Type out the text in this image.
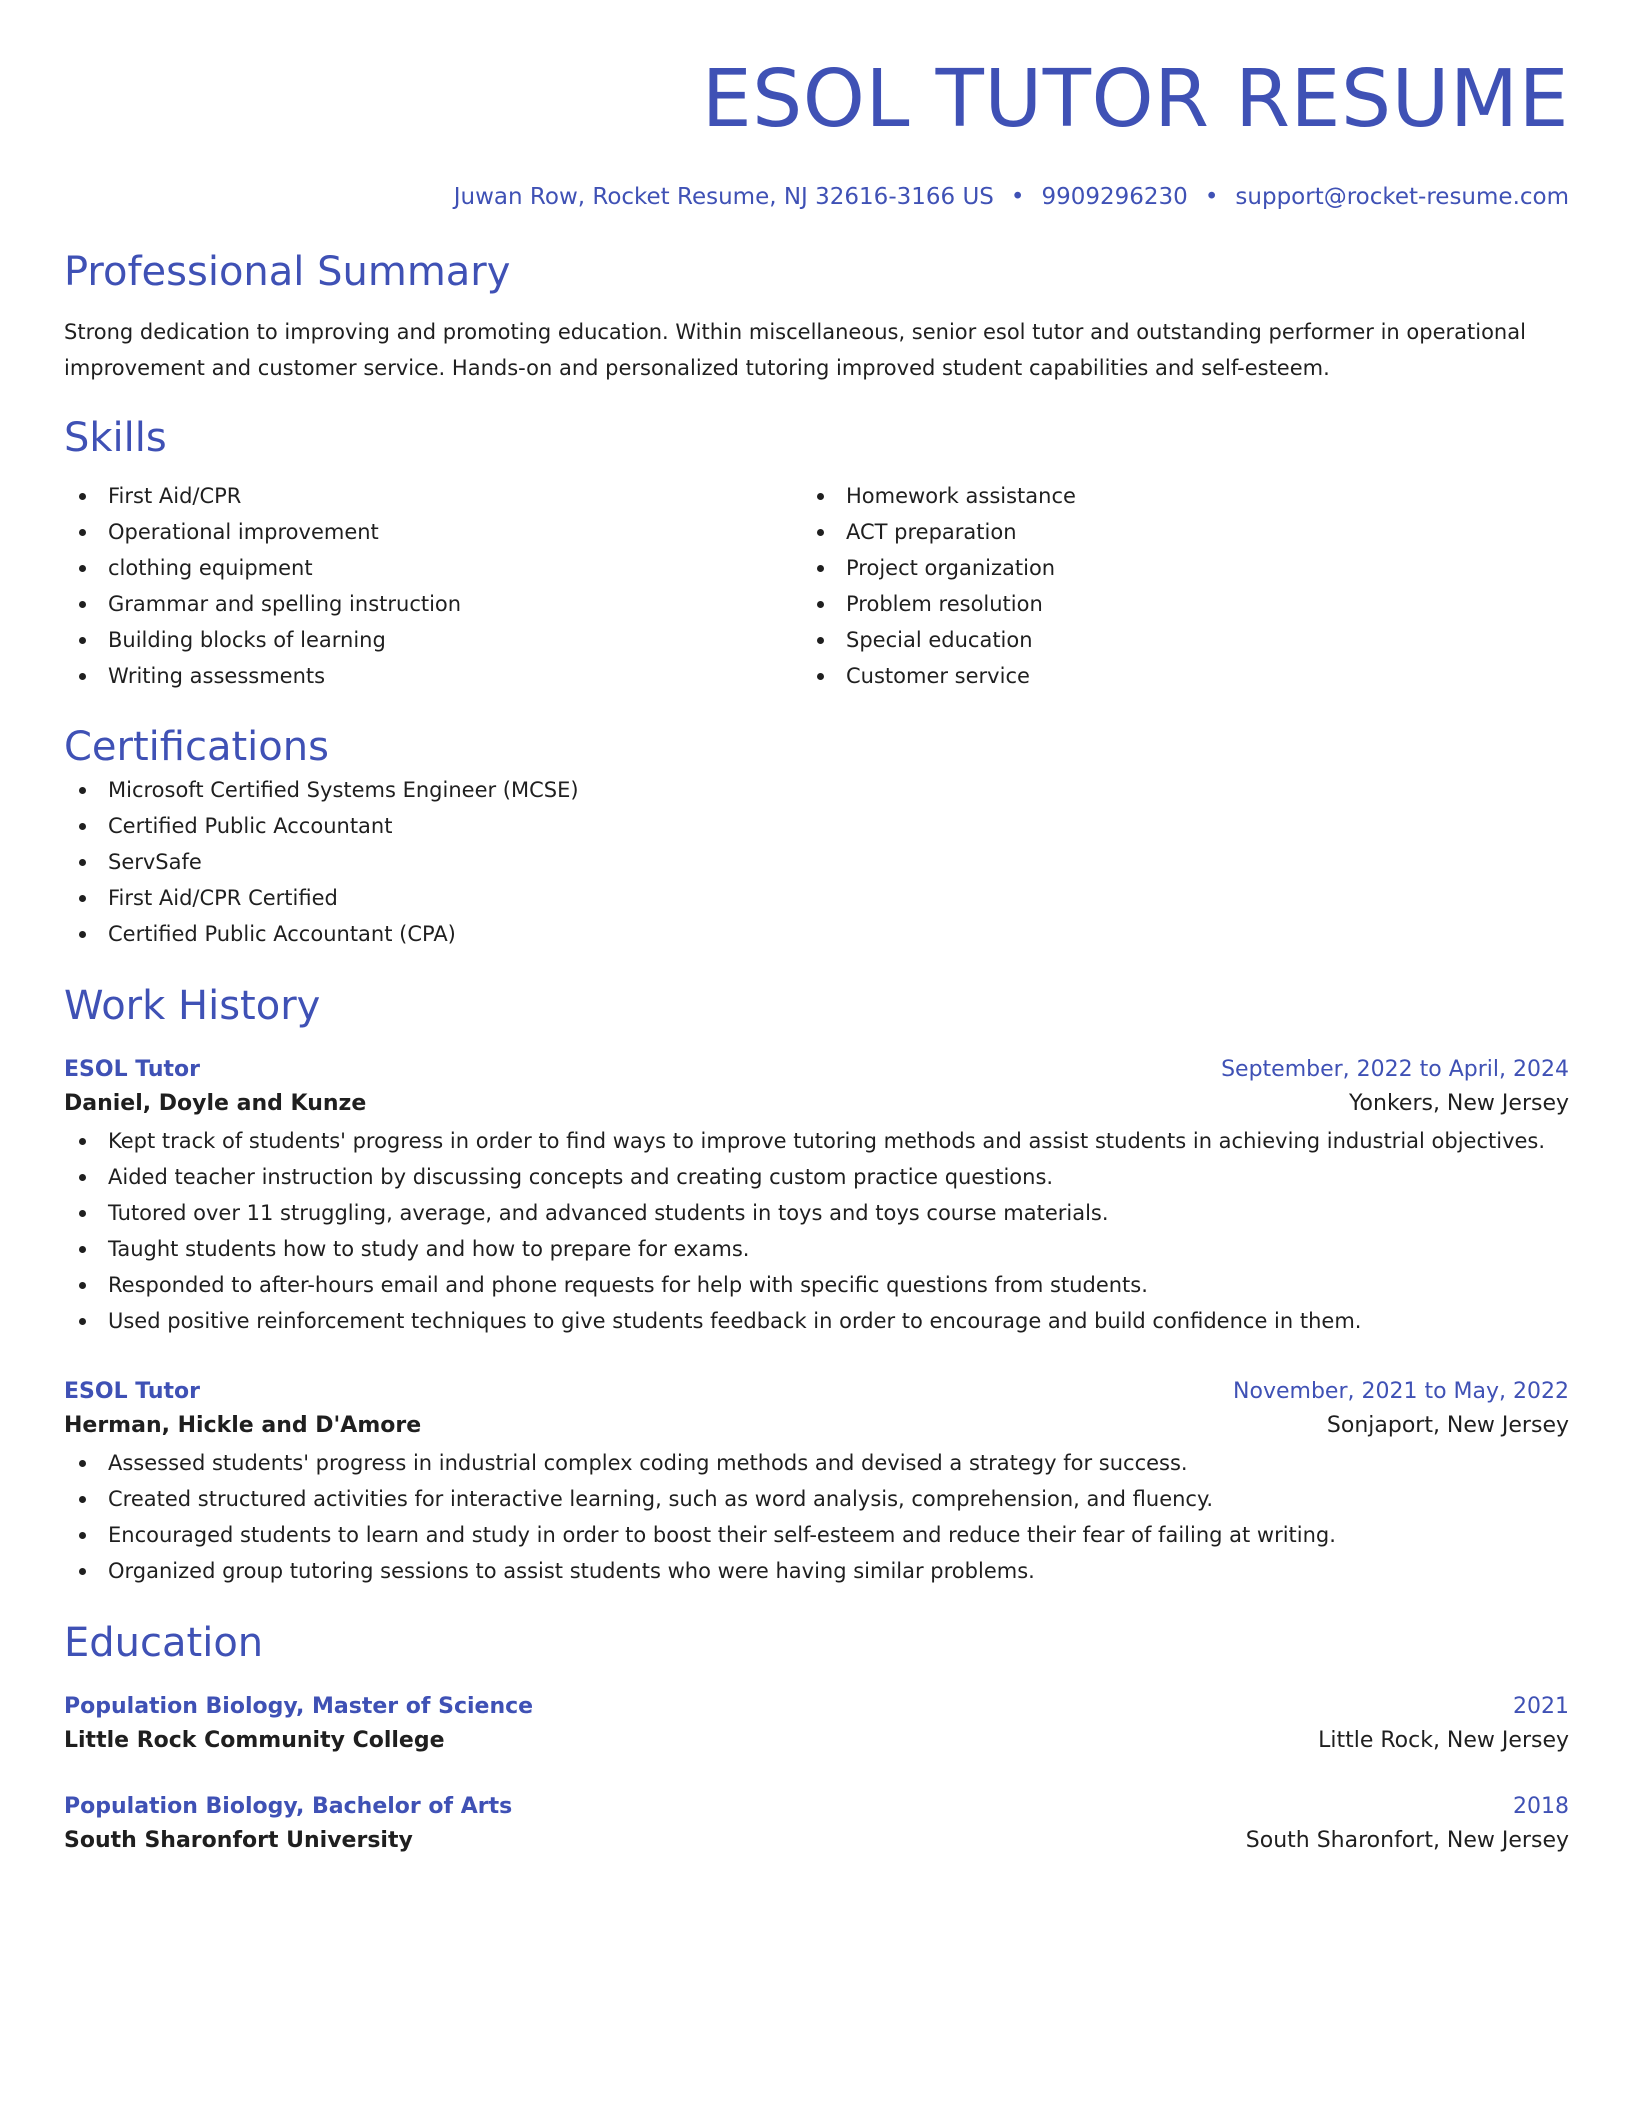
ESOL TUTOR RESUME
Juwan Row, Rocket Resume, NJ 32616-3166 US • 9909296230 • support@rocket-resume.com
Professional Summary
Strong dedication to improving and promoting education. Within miscellaneous, senior esol tutor and outstanding performer in operational improvement and customer service. Hands-on and personalized tutoring improved student capabilities and self-esteem.
Skills
First Aid/CPR
Operational improvement
clothing equipment
Grammar and spelling instruction
Building blocks of learning
Writing assessments
Homework assistance
ACT preparation
Project organization
Problem resolution
Special education
Customer service
Certifications
Microsoft Certified Systems Engineer (MCSE)
Certified Public Accountant
ServSafe
First Aid/CPR Certified
Certified Public Accountant (CPA)
Work History
ESOL Tutor	September, 2022 to April, 2024
Daniel, Doyle and Kunze	Yonkers, New Jersey
Kept track of students' progress in order to find ways to improve tutoring methods and assist students in achieving industrial objectives.
Aided teacher instruction by discussing concepts and creating custom practice questions.
Tutored over 11 struggling, average, and advanced students in toys and toys course materials.
Taught students how to study and how to prepare for exams.
Responded to after-hours email and phone requests for help with specific questions from students.
Used positive reinforcement techniques to give students feedback in order to encourage and build confidence in them.
ESOL Tutor	November, 2021 to May, 2022
Herman, Hickle and D'Amore	Sonjaport, New Jersey
Assessed students' progress in industrial complex coding methods and devised a strategy for success.
Created structured activities for interactive learning, such as word analysis, comprehension, and fluency.
Encouraged students to learn and study in order to boost their self-esteem and reduce their fear of failing at writing.
Organized group tutoring sessions to assist students who were having similar problems.
Education
Population Biology, Master of Science	2021
Little Rock Community College	Little Rock, New Jersey
Population Biology, Bachelor of Arts	2018
South Sharonfort University	South Sharonfort, New Jersey
